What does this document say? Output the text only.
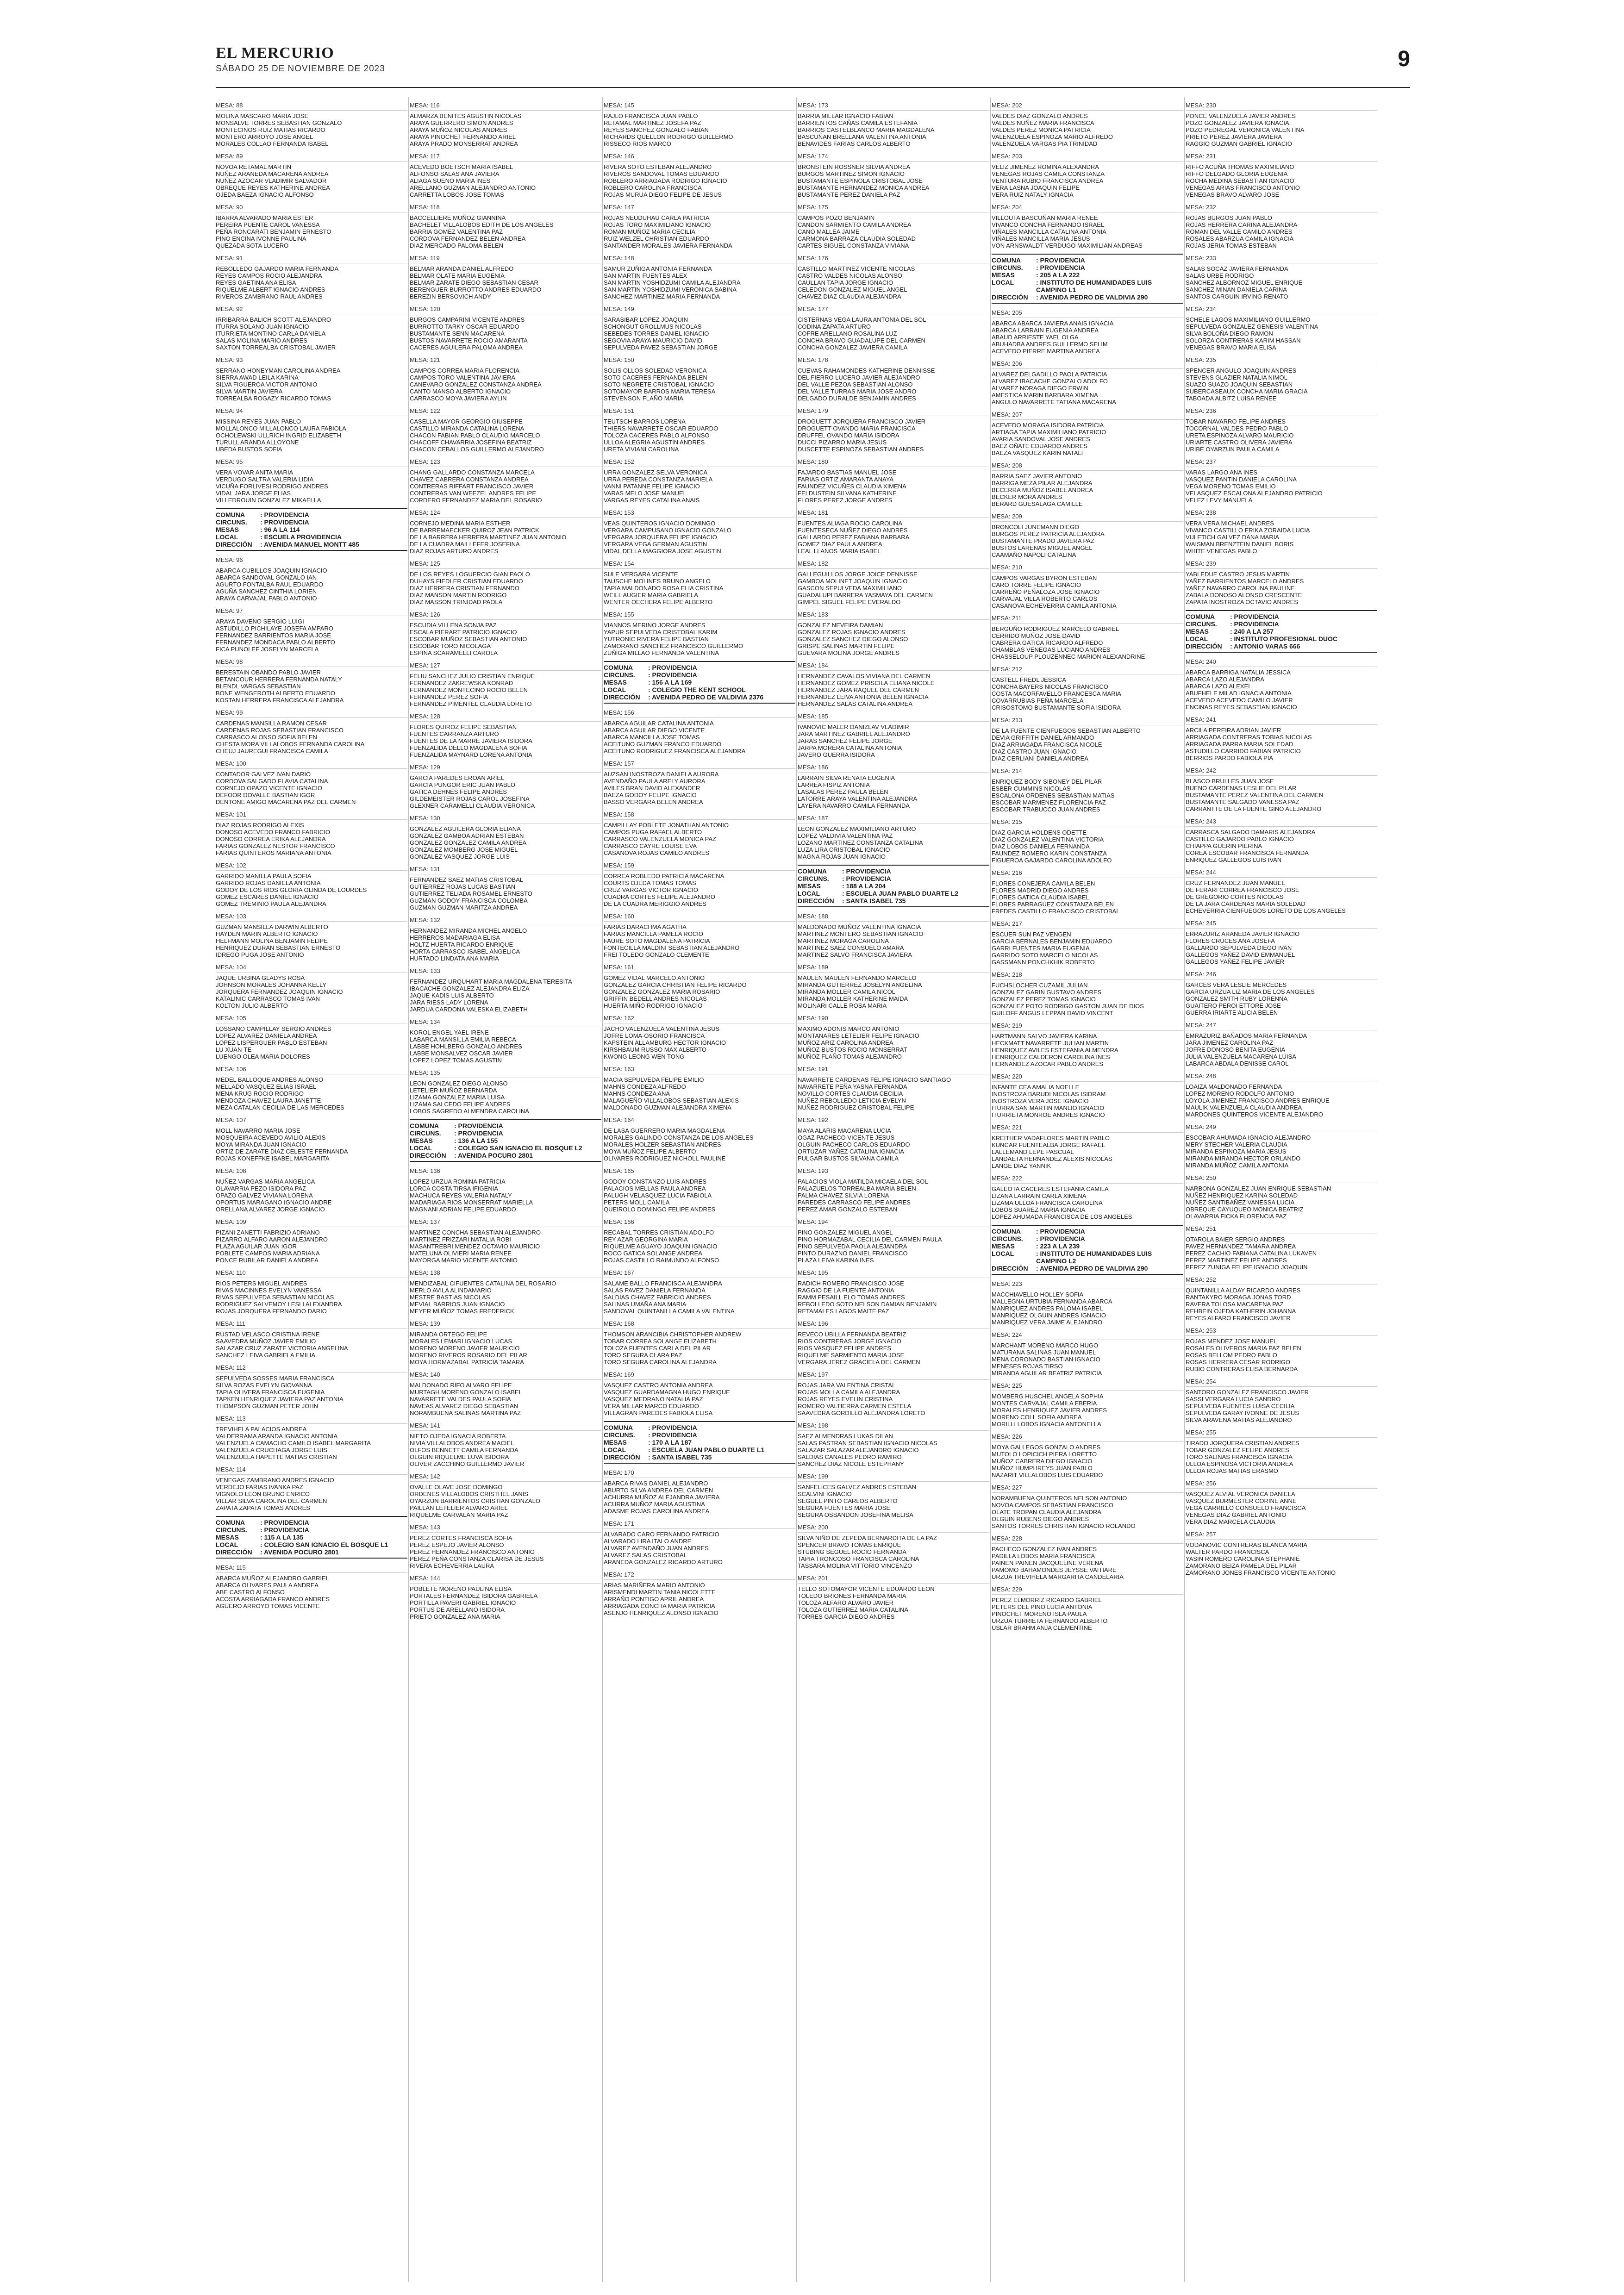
EL MERCURIO
SÁBADO 25 DE NOVIEMBRE DE 2023	9
MESA: 88
MOLINA MASCARO MARIA JOSE
MONSALVE TORRES SEBASTIAN GONZALO
MONTECINOS RUIZ MATIAS RICARDO
MONTERO ARROYO JOSE ANGEL
MORALES COLLAO FERNANDA ISABEL
MESA: 89
NOVOA RETAMAL MARTIN
NUÑEZ ARANEDA MACARENA ANDREA
NUÑEZ AZOCAR VLADIMIR SALVADOR
OBREQUE REYES KATHERINE ANDREA
OJEDA BAEZA IGNACIO ALFONSO
MESA: 90
IBARRA ALVARADO MARIA ESTER
PEREIRA PUENTE CAROL VANESSA
PEÑA RONCARATI BENJAMIN ERNESTO
PINO ENCINA IVONNE PAULINA
QUEZADA SOTA LUCERO
MESA: 91
REBOLLEDO GAJARDO MARIA FERNANDA
REYES CAMPOS ROCIO ALEJANDRA
REYES GAETINA ANA ELISA
RIQUELME ALBERT IGNACIO ANDRES
RIVEROS ZAMBRANO RAUL ANDRES
MESA: 92
IRRIBARRA BALICH SCOTT ALEJANDRO
ITURRA SOLANO JUAN IGNACIO
ITURRIETA MONTINO CARLA DANIELA
SALAS MOLINA MARIO ANDRES
SAXTON TORREALBA CRISTOBAL JAVIER
MESA: 93
SERRANO HONEYMAN CAROLINA ANDREA
SIERRA AWAD LEILA KARINA
SILVA FIGUEROA VICTOR ANTONIO
SILVA MARTIN JAVIERA
TORREALBA ROGAZY RICARDO TOMAS
MESA: 94
MISSINA REYES JUAN PABLO
MOLLALONCO MILLALONCO LAURA FABIOLA
OCHOLEWSKI ULLRICH INGRID ELIZABETH
TURULL ARANDA ALLOYONE
UBEDA BUSTOS SOFIA
MESA: 95
VERA VOVAR ANITA MARIA
VERDUGO SALTRA VALERIA LIDIA
VICUÑA FORLIVESI RODRIGO ANDRES
VIDAL JARA JORGE ELIAS
VILLEDROUIN GONZALEZ MIKAELLA
COMUNA	: PROVIDENCIA
CIRCUNS.	: PROVIDENCIA
MESAS	: 96 A LA 114
LOCAL	: ESCUELA PROVIDENCIA
DIRECCIÓN	: AVENIDA MANUEL MONTT 485
MESA: 96
ABARCA CUBILLOS JOAQUIN IGNACIO
ABARCA SANDOVAL GONZALO IAN
AGURTO FONTALBA RAUL EDUARDO
AGUÑA SANCHEZ CINTHIA LORIEN
ARAYA CARVAJAL PABLO ANTONIO
MESA: 97
ARAYA DAVENO SERGIO LUIGI
ASTUDILLO PICHILAYE JOSEFA AMPARO
FERNANDEZ BARRIENTOS MARIA JOSE
FERNANDEZ MONDACA PABLO ALBERTO
FICA PUNOLEF JOSELYN MARCELA
MESA: 98
BERESTAIN OBANDO PABLO JAVIER
BETANCOUR HERRERA FERNANDA NATALY
BLENDL VARGAS SEBASTIAN
BONE WENGEROTH ALBERTO EDUARDO
KOSTAN HERRERA FRANCISCA ALEJANDRA
MESA: 99
CARDENAS MANSILLA RAMON CESAR
CARDENAS ROJAS SEBASTIAN FRANCISCO
CARRASCO ALONSO SOFIA BELEN
CHESTA MORA VILLALOBOS FERNANDA CAROLINA
CHEUJ JAUREGUI FRANCISCA CAMILA
MESA: 100
CONTADOR GALVEZ IVAN DARIO
CORDOVA SALGADO FLAVIA CATALINA
CORNEJO OPAZO VICENTE IGNACIO
DEFOOR DOVALLE BASTIAN IGOR
DENTONE AMIGO MACARENA PAZ DEL CARMEN
MESA: 101
DIAZ ROJAS RODRIGO ALEXIS
DONOSO ACEVEDO FRANCO FABRICIO
DONOSO CORREA ERIKA ALEJANDRA
FARIAS GONZALEZ NESTOR FRANCISCO
FARIAS QUINTEROS MARIANA ANTONIA
MESA: 102
GARRIDO MANILLA PAULA SOFIA
GARRIDO ROJAS DANIELA ANTONIA
GODOY DE LOS RIOS GLORIA OLINDA DE LOURDES
GOMEZ ESCARES DANIEL IGNACIO
GOMEZ TREMINIO PAULA ALEJANDRA
MESA: 103
GUZMAN MANSILLA DARWIN ALBERTO
HAYDEN MARIN ALBERTO IGNACIO
HELFMANN MOLINA BENJAMIN FELIPE
HENRIQUEZ DURAN SEBASTIAN ERNESTO
IDREGO PUGA JOSE ANTONIO
MESA: 104
JAQUE URBINA GLADYS ROSA
JOHNSON MORALES JOHANNA KELLY
JORQUERA FERNANDEZ JOAQUIN IGNACIO
KATALINIC CARRASCO TOMAS IVAN
KOLTON JULIO ALBERTO
MESA: 105
LOSSANO CAMPILLAY SERGIO ANDRES
LOPEZ ALVAREZ DANIELA ANDREA
LOPEZ LISPERGUER PABLO ESTEBAN
LU XUAN-TE
LUENGO OLEA MARIA DOLORES
MESA: 106
MEDEL BALLOQUE ANDRES ALONSO
MELLADO VASQUEZ ELIAS ISRAEL
MENA KRUG ROCIO RODRIGO
MENDOZA CHAVEZ LAURA JANETTE
MEZA CATALAN CECILIA DE LAS MERCEDES
MESA: 107
MOLL NAVARRO MARIA JOSE
MOSQUEIRA ACEVEDO AVILIO ALEXIS
MOYA MIRANDA JUAN IGNACIO
ORTIZ DE ZARATE DIAZ CELESTE FERNANDA
ROJAS KONEFFKE ISABEL MARGARITA
MESA: 108
NUÑEZ VARGAS MARIA ANGELICA
OLAVARRIA PEZO ISIDORA PAZ
OPAZO GALVEZ VIVIANA LORENA
OPORTUS MARAGANO IGNACIO ANDRE
ORELLANA ALVAREZ JORGE IGNACIO
MESA: 109
PIZANI ZANETTI FABRIZIO ADRIANO
PIZARRO ALFARO AARON ALEJANDRO
PLAZA AGUILAR JUAN IGOR
POBLETE CAMPOS MARIA ADRIANA
PONCE RUBILAR DANIELA ANDREA
MESA: 110
RIOS PETERS MIGUEL ANDRES
RIVAS MACINNES EVELYN VANESSA
RIVAS SEPULVEDA SEBASTIAN NICOLAS
RODRIGUEZ SALVEMOY LESLI ALEXANDRA
ROJAS JORQUERA FERNANDO DARIO
MESA: 111
RUSTAD VELASCO CRISTINA IRENE
SAAVEDRA MUÑOZ JAVIER EMILIO
SALAZAR CRUZ ZARATE VICTORIA ANGELINA
SANCHEZ LEIVA GABRIELA EMILIA
MESA: 112
SEPULVEDA SOSSES MARIA FRANCISCA
SILVA ROZAS EVELYN GIOVANNA
TAPIA OLIVERA FRANCISCA EUGENIA
TAPKEN HENRIQUEZ JAVIERA PAZ ANTONIA
THOMPSON GUZMAN PETER JOHN
MESA: 113
TREVIHELA PALACIOS ANDREA
VALDERRAMA ARANDA IGNACIO ANTONIA
VALENZUELA CAMACHO CAMILO ISABEL MARGARITA
VALENZUELA CRUCHAGA JORGE LUIS
VALENZUELA HAPETTE MATIAS CRISTIAN
MESA: 114
VENEGAS ZAMBRANO ANDRES IGNACIO
VERDEJO FARIAS IVANKA PAZ
VIGNOLO LEON BRUNO ENRICO
VILLAR SILVA CAROLINA DEL CARMEN
ZAPATA ZAPATA TOMAS ANDRES
COMUNA	: PROVIDENCIA
CIRCUNS.	: PROVIDENCIA
MESAS	: 115 A LA 135
LOCAL	: COLEGIO SAN IGNACIO EL BOSQUE L1
DIRECCIÓN	: AVENIDA POCURO 2801
MESA: 115
ABARCA MUÑOZ ALEJANDRO GABRIEL
ABARCA OLIVARES PAULA ANDREA
ABE CASTRO ALFONSO
ACOSTA ARRIAGADA FRANCO ANDRES
AGÜERO ARROYO TOMAS VICENTE
MESA: 116
ALMARZA BENITES AGUSTIN NICOLAS
ARAYA GUERRERO SIMON ANDRES
ARAYA MUÑOZ NICOLAS ANDRES
ARAYA PINOCHET FERNANDO ARIEL
ARAYA PRADO MONSERRAT ANDREA
MESA: 117
ACEVEDO BOETSCH MARIA ISABEL
ALFONSO SALAS ANA JAVIERA
ALIAGA SUENO MARIA INES
ARELLANO GUZMAN ALEJANDRO ANTONIO
CARRETTA LOBOS JOSE TOMAS
MESA: 118
BACCELLIERE MUÑOZ GIANNINA
BACHELET VILLALOBOS EDITH DE LOS ANGELES
BARRIA GOMEZ VALENTINA PAZ
CORDOVA FERNANDEZ BELEN ANDREA
DIAZ MERCADO PALOMA BELEN
MESA: 119
BELMAR ARANDA DANIEL ALFREDO
BELMAR OLATE MARIA EUGENIA
BELMAR ZARATE DIEGO SEBASTIAN CESAR
BERENGUER BURROTTO ANDRES EDUARDO
BEREZIN BERSOVICH ANDY
MESA: 120
BURGOS CAMPARINI VICENTE ANDRES
BURROTTO TARKY OSCAR EDUARDO
BUSTAMANTE SENN MACARENA
BUSTOS NAVARRETE ROCIO AMARANTA
CACERES AGUILERA PALOMA ANDREA
MESA: 121
CAMPOS CORREA MARIA FLORENCIA
CAMPOS TORO VALENTINA JAVIERA
CANEVARO GONZALEZ CONSTANZA ANDREA
CANTO MANSO ALBERTO IGNACIO
CARRASCO MOYA JAVIERA AYLIN
MESA: 122
CASELLA MAYOR GEORGIO GIUSEPPE
CASTILLO MIRANDA CATALINA LORENA
CHACON FABIAN PABLO CLAUDIO MARCELO
CHACOFF CHAVARRIA JOSEFINA BEATRIZ
CHACON CEBALLOS GUILLERMO ALEJANDRO
MESA: 123
CHANG GALLARDO CONSTANZA MARCELA
CHAVEZ CABRERA CONSTANZA ANDREA
CONTRERAS RIFFART FRANCISCO JAVIER
CONTRERAS VAN WEEZEL ANDRES FELIPE
CORDERO FERNANDEZ MARIA DEL ROSARIO
MESA: 124
CORNEJO MEDINA MARIA ESTHER
DE BARREMAECKER QUIROZ JEAN PATRICK
DE LA BARRERA HERRERA MARTINEZ JUAN ANTONIO
DE LA CUADRA MAILLEFER JOSEFINA
DIAZ ROJAS ARTURO ANDRES
MESA: 125
DE LOS REYES LOGUERCIO GIAN PAOLO
DUHAYS FIEDLER CRISTIAN EDUARDO
DIAZ HERRERA CRISTIAN FERNANDO
DIAZ MANSON MARTIN RODRIGO
DIAZ MASSON TRINIDAD PAOLA
MESA: 126
ESCUDIA VILLENA SONJA PAZ
ESCALA PIERART PATRICIO IGNACIO
ESCOBAR MUÑOZ SEBASTIAN ANTONIO
ESCOBAR TORO NICOLAGA
ESPINA SCARAMELLI CAROLA
MESA: 127
FELIU SANCHEZ JULIO CRISTIAN ENRIQUE
FERNANDEZ ZAKREWSKA KONRAD
FERNANDEZ MONTECINO ROCIO BELEN
FERNANDEZ PEREZ SOFIA
FERNANDEZ PIMENTEL CLAUDIA LORETO
MESA: 128
FLORES QUIROZ FELIPE SEBASTIAN
FUENTES CARRANZA ARTURO
FUENTES DE LA MARRE JAVIERA ISIDORA
FUENZALIDA DELLO MAGDALENA SOFIA
FUENZALIDA MAYNARD LORENA ANTONIA
MESA: 129
GARCIA PAREDES EROAN ARIEL
GARCIA PUNGOR ERIC JUAN PABLO
GATICA DEHNES FELIPE ANDRES
GILDEMEISTER ROJAS CAROL JOSEFINA
GLEXNER CARAMELLI CLAUDIA VERONICA
MESA: 130
GONZALEZ AGUILERA GLORIA ELIANA
GONZALEZ GAMBOA ADRIAN ESTEBAN
GONZALEZ GONZALEZ CAMILA ANDREA
GONZALEZ MOMBERG JOSE MIGUEL
GONZALEZ VASQUEZ JORGE LUIS
MESA: 131
FERNANDEZ SAEZ MATIAS CRISTOBAL
GUTIERREZ ROJAS LUCAS BASTIAN
GUTIERREZ TELIADA ROSAMEL ERNESTO
GUZMAN GODOY FRANCISCA COLOMBA
GUZMAN GUZMAN MARITZA ANDREA
MESA: 132
HERNANDEZ MIRANDA MICHEL ANGELO
HERREROS MADARIAGA ELISA
HOLTZ HUERTA RICARDO ENRIQUE
HORTA CARRASCO ISABEL ANGELICA
HURTADO LINDATA ANA MARIA
MESA: 133
FERNANDEZ URQUHART MARIA MAGDALENA TERESITA
IBACACHE GONZALEZ ALEJANDRA ELIZA
JAQUE KADIS LUIS ALBERTO
JARA RIESS LADY LORENA
JARDUA CARDONA VALESKA ELIZABETH
MESA: 134
KOROL ENGEL YAEL IRENE
LABARCA MANSILLA EMILIA REBECA
LABBE HOHLBERG GONZALO ANDRES
LABBE MONSALVEZ OSCAR JAVIER
LOPEZ LOPEZ TOMAS AGUSTIN
MESA: 135
LEON GONZALEZ DIEGO ALONSO
LETELIER MUÑOZ BERNARDA
LIZAMA GONZALEZ MARIA LUISA
LIZAMA SALCEDO FELIPE ANDRES
LOBOS SAGREDO ALMENDRA CAROLINA
COMUNA	: PROVIDENCIA
CIRCUNS.	: PROVIDENCIA
MESAS	: 136 A LA 155
LOCAL	: COLEGIO SAN IGNACIO EL BOSQUE L2
DIRECCIÓN	: AVENIDA POCURO 2801
MESA: 136
LOPEZ URZUA ROMINA PATRICIA
LORCA COSTA TIRSA IFIGENIA
MACHUCA REYES VALERIA NATALY
MADARIAGA RIOS MONSERRAT MARIELLA
MAGNANI ADRIAN FELIPE EDUARDO
MESA: 137
MARTINEZ CONCHA SEBASTIAN ALEJANDRO
MARTINEZ FRIZZARI NATALIA ROBI
MASANTREBRI MENDEZ OCTAVIO MAURICIO
MATELUNA OLIVIERI MARIA RENEE
MAYORGA MARIO VICENTE ANTONIO
MESA: 138
MENDIZABAL CIFUENTES CATALINA DEL ROSARIO
MERLO AVILA ALINDAMARIO
MESTRE BASTIAS NICOLAS
MEVIAL BARRIOS JUAN IGNACIO
MEYER MUÑOZ TOMAS FREDERICK
MESA: 139
MIRANDA ORTEGO FELIPE
MORALES LEMARI IGNACIO LUCAS
MORENO MORENO JAVIER MAURICIO
MORENO RIVEROS ROSARIO DEL PILAR
MOYA HORMAZABAL PATRICIA TAMARA
MESA: 140
MALDONADO RIFO ALVARO FELIPE
MURTAGH MORENO GONZALO ISABEL
NAVARRETE VALDES PAULA SOFIA
NAVEAS ALVAREZ DIEGO SEBASTIAN
NORAMBUENA SALINAS MARTINA PAZ
MESA: 141
NIETO OJEDA IGNACIA ROBERTA
NIVIA VILLALOBOS ANDREA MACIEL
OLFOS BENNETT CAMILA FERNANDA
OLGUIN RIQUELME LUVA ISIDORA
OLIVER ZACCHINO GUILLERMO JAVIER
MESA: 142
OVALLE OLAVE JOSE DOMINGO
ORDENES VILLALOBOS CRISTHEL JANIS
OYARZUN BARRIENTOS CRISTIAN GONZALO
PAILLAN LETELIER ALVARO ARIEL
RIQUELME CARVALAN MARIA PAZ
MESA: 143
PEREZ CORTES FRANCISCA SOFIA
PEREZ ESPEJO JAVIER ALONSO
PEREZ HERNANDEZ FRANCISCO ANTONIO
PEREZ PEÑA CONSTANZA CLARISA DE JESUS
RIVERA ECHEVERRIA LAURA
MESA: 144
POBLETE MORENO PAULINA ELISA
PORTALES FERNANDEZ ISIDORA GABRIELA
PORTILLA PAVERI GABRIEL IGNACIO
PORTUS DE ARELLANO ISIDORA
PRIETO GONZALEZ ANA MARIA
MESA: 145
RAJLO FRANCISCA JUAN PABLO
RETAMAL MARTINEZ JOSEFA PAZ
REYES SANCHEZ GONZALO FABIAN
RICHARDS QUELLON RODRIGO GUILLERMO
RISSECO RIOS MARCO
MESA: 146
RIVERA SOTO ESTEBAN ALEJANDRO
RIVEROS SANDOVAL TOMAS EDUARDO
ROBLERO ARRIAGADA RODRIGO IGNACIO
ROBLERO CAROLINA FRANCISCA
ROJAS MURUA DIEGO FELIPE DE JESUS
MESA: 147
ROJAS NEUDUHAU CARLA PATRICIA
ROJAS TORO MAXIMILIANO IGNACIO
ROMAN MUÑOZ MARIA CECILIA
RUIZ WELZEL CHRISTIAN EDUARDO
SANTANDER MORALES JAVIERA FERNANDA
MESA: 148
SAMUR ZUÑIGA ANTONIA FERNANDA
SAN MARTIN FUENTES ALEX
SAN MARTIN YOSHIDZUMI CAMILA ALEJANDRA
SAN MARTIN YOSHIDZUMI VERONICA SABINA
SANCHEZ MARTINEZ MARIA FERNANDA
MESA: 149
SARASIBAR LOPEZ JOAQUIN
SCHONGUT GROLLMUS NICOLAS
SEBEDES TORRES DANIEL IGNACIO
SEGOVIA ARAYA MAURICIO DAVID
SEPULVEDA PAVEZ SEBASTIAN JORGE
MESA: 150
SOLIS OLLOS SOLEDAD VERONICA
SOTO CACERES FERNANDA BELEN
SOTO NEGRETE CRISTOBAL IGNACIO
SOTOMAYOR BARROS MARIA TERESA
STEVENSON FLAÑO MARIA
MESA: 151
TEUTSCH BARROS LORENA
THIERS NAVARRETE OSCAR EDUARDO
TOLOZA CACERES PABLO ALFONSO
ULLOA ALEGRIA AGUSTIN ANDRES
URETA VIVIANI CAROLINA
MESA: 152
URRA GONZALEZ SELVA VERONICA
URRA PEREDA CONSTANZA MARIELA
VANNI PATANNE FELIPE IGNACIO
VARAS MELO JOSE MANUEL
VARGAS REYES CATALINA ANAIS
MESA: 153
VEAS QUINTEROS IGNACIO DOMINGO
VERGARA CAMPUSANO IGNACIO GONZALO
VERGARA JORQUERA FELIPE IGNACIO
VERGARA VEGA GERMAN AGUSTIN
VIDAL DELLA MAGGIORA JOSE AGUSTIN
MESA: 154
SULE VERGARA VICENTE
TAUSCHE MOLINES BRUNO ANGELO
TAPIA MALDONADO ROSA ELIA CRISTINA
WEILL AUGIER MARIA GABRIELA
WENTER OECHERA FELIPE ALBERTO
MESA: 155
VIANNOS MERINO JORGE ANDRES
YAPUR SEPULVEDA CRISTOBAL KARIM
YUTRONIC RIVERA FELIPE BASTIAN
ZAMORANO SANCHEZ FRANCISCO GUILLERMO
ZUÑIGA MILLAO FERNANDA VALENTINA
COMUNA	: PROVIDENCIA
CIRCUNS.	: PROVIDENCIA
MESAS	: 156 A LA 169
LOCAL	: COLEGIO THE KENT SCHOOL
DIRECCIÓN	: AVENIDA PEDRO DE VALDIVIA 2376
MESA: 156
ABARCA AGUILAR CATALINA ANTONIA
ABARCA AGUILAR DIEGO VICENTE
ABARCA MANCILLA JOSE TOMAS
ACEITUNO GUZMAN FRANCO EDUARDO
ACEITUNO RODRIGUEZ FRANCISCA ALEJANDRA
MESA: 157
AUZSAN INOSTROZA DANIELA AURORA
AVENDAÑO PAULA ARELY AURORA
AVILES BRAN DAVID ALEXANDER
BAEZA GODOY FELIPE IGNACIO
BASSO VERGARA BELEN ANDREA
MESA: 158
CAMPILLAY POBLETE JONATHAN ANTONIO
CAMPOS PUGA RAFAEL ALBERTO
CARRASCO VALENZUELA MONICA PAZ
CARRASCO CAYRE LOUISE EVA
CASANOVA ROJAS CAMILO ANDRES
MESA: 159
CORREA ROBLEDO PATRICIA MACARENA
COURTS OJEDA TOMAS TOMAS
CRUZ VARGAS VICTOR IGNACIO
CUADRA CORTES FELIPE ALEJANDRO
DE LA CUADRA MERIGGIO ANDRES
MESA: 160
FARIAS DARACHMA AGATHA
FARIAS MANCILLA PAMELA ROCIO
FAURE SOTO MAGDALENA PATRICIA
FONTECILLA MALDINI SEBASTIAN ALEJANDRO
FREI TOLEDO GONZALO CLEMENTE
MESA: 161
GOMEZ VIDAL MARCELO ANTONIO
GONZALEZ GARCIA CHRISTIAN FELIPE RICARDO
GONZALEZ GONZALEZ MARIA ROSARIO
GRIFFIN BEDELL ANDRES NICOLAS
HUERTA MIÑO RODRIGO IGNACIO
MESA: 162
JACHO VALENZUELA VALENTINA JESUS
JOFRE LOMA-OSORIO FRANCISCA
KAPSTEIN ALLAMBURG HECTOR IGNACIO
KIRSHBAUM RUSSO MAX ALBERTO
KWONG LEONG WEN TONG
MESA: 163
MACIA SEPULVEDA FELIPE EMILIO
MAHNS CONDEZA ALFREDO
MAHNS CONDEZA ANA
MALAGUEÑO VILLALOBOS SEBASTIAN ALEXIS
MALDONADO GUZMAN ALEJANDRA XIMENA
MESA: 164
DE LASA GUERRERO MARIA MAGDALENA
MORALES GALINDO CONSTANZA DE LOS ANGELES
MORALES HOLZER SEBASTIAN ANDRES
MOYA MUÑOZ FELIPE ALBERTO
OLIVARES RODRIGUEZ NICHOLL PAULINE
MESA: 165
GODOY CONSTANZO LUIS ANDRES
PALACIOS MELLAS PAULA ANDREA
PALUGH VELASQUEZ LUCIA FABIOLA
PETERS MOLL CAMILA
QUEIROLO DOMINGO FELIPE ANDRES
MESA: 166
RECABAL TORRES CRISTIAN ADOLFO
REY AZAR GEORGINA MARIA
RIQUELME AGUAYO JOAQUIN IGNACIO
ROCO GATICA SOLANGE ANDREA
ROJAS CASTILLO RAIMUNDO ALFONSO
MESA: 167
SALAME BALLO FRANCISCA ALEJANDRA
SALAS PAVEZ DANIELA FERNANDA
SALDIAS CHAVEZ FABRICIO ANDRES
SALINAS UMAÑA ANA MARIA
SANDOVAL QUINTANILLA CAMILA VALENTINA
MESA: 168
THOMSON ARANCIBIA CHRISTOPHER ANDREW
TOBAR CORREA SOLANGE ELIZABETH
TOLOZA FUENTES CARLA DEL PILAR
TORO SEGURA CLARA PAZ
TORO SEGURA CAROLINA ALEJANDRA
MESA: 169
VASQUEZ CASTRO ANTONIA ANDREA
VASQUEZ GUARDAMAGNA HUGO ENRIQUE
VASQUEZ MEDRANO NATALIA PAZ
VERA MILLAR MARCO EDUARDO
VILLAGRAN PAREDES FABIOLA ELISA
COMUNA	: PROVIDENCIA
CIRCUNS.	: PROVIDENCIA
MESAS	: 170 A LA 187
LOCAL	: ESCUELA JUAN PABLO DUARTE L1
DIRECCIÓN	: SANTA ISABEL 735
MESA: 170
ABARCA RIVAS DANIEL ALEJANDRO
ABURTO SILVA ANDREA DEL CARMEN
ACHURRA MUÑOZ ALEJANDRA JAVIERA
ACURRA MUÑOZ MARIA AGUSTINA
ADASME ROJAS CAROLINA ANDREA
MESA: 171
ALVARADO CARO FERNANDO PATRICIO
ALVARADO LIRA ITALO ANDRE
ALVAREZ AVENDAÑO JUAN ANDRES
ALVAREZ SALAS CRISTOBAL
ARANEDA GONZALEZ RICARDO ARTURO
MESA: 172
ARIAS MARIÑERA MARIO ANTONIO
ARISMENDI MARTIN TANIA NICOLETTE
ARRAÑO PONTIGO APRIL ANDREA
ARRIAGADA CONCHA MARIA PATRICIA
ASENJO HENRIQUEZ ALONSO IGNACIO
MESA: 173
BARRIA MILLAR IGNACIO FABIAN
BARRIENTOS CAÑAS CAMILA ESTEFANIA
BARRIOS CASTELBLANCO MARIA MAGDALENA
BASCUÑAN BRELLANA VALENTINA ANTONIA
BENAVIDES FARIAS CARLOS ALBERTO
MESA: 174
BRONSTEIN ROSSNER SILVIA ANDREA
BURGOS MARTINEZ SIMON IGNACIO
BUSTAMANTE ESPINOLA CRISTOBAL JOSE
BUSTAMANTE HERNANDEZ MONICA ANDREA
BUSTAMANTE PEREZ DANIELA PAZ
MESA: 175
CAMPOS POZO BENJAMIN
CANDON SARMIENTO CAMILA ANDREA
CANO MALLEA JAIME
CARMONA BARRAZA CLAUDIA SOLEDAD
CARTES SIGUEL CONSTANZA VIVIANA
MESA: 176
CASTILLO MARTINEZ VICENTE NICOLAS
CASTRO VALDES NICOLAS ALONSO
CAULLAN TAPIA JORGE IGNACIO
CELEDON GONZALEZ MIGUEL ANGEL
CHAVEZ DIAZ CLAUDIA ALEJANDRA
MESA: 177
CISTERNAS VEGA LAURA ANTONIA DEL SOL
CODINA ZAPATA ARTURO
COFRE ARELLANO ROSALINA LUZ
CONCHA BRAVO GUADALUPE DEL CARMEN
CONCHA GONZALEZ JAVIERA CAMILA
MESA: 178
CUEVAS RAHAMONDES KATHERINE DENNISSE
DEL FIERRO LUCERO JAVIER ALEJANDRO
DEL VALLE PEZOA SEBASTIAN ALONSO
DEL VALLE TURRAS MARIA JOSE ANDRO
DELGADO DURALDE BENJAMIN ANDRES
MESA: 179
DROGUETT JORQUERA FRANCISCO JAVIER
DROGUETT OVANDO MARIA FRANCISCA
DRUFFEL OVANDO MARIA ISIDORA
DUCCI PIZARRO MARIA JESUS
DUSCETTE ESPINOZA SEBASTIAN ANDRES
MESA: 180
FAJARDO BASTIAS MANUEL JOSE
FARIAS ORTIZ AMARANTA ANAYA
FAUNDEZ VICUÑES CLAUDIA XIMENA
FELDUSTEIN SILVANA KATHERINE
FLORES PEREZ JORGE ANDRES
MESA: 181
FUENTES ALIAGA ROCIO CAROLINA
FUENTESECA NUÑEZ DIEGO ANDRES
GALLARDO PEREZ FABIANA BARBARA
GOMEZ DIAZ PAULA ANDREA
LEAL LLANOS MARIA ISABEL
MESA: 182
GALLEGUILLOS JORGE JOICE DENNISSE
GAMBOA MOLINET JOAQUIN IGNACIO
GASCON SEPULVEDA MAXIMILIANO
GUADALUPI BARRERA YASMAYA DEL CARMEN
GIMPEL SIGUEL FELIPE EVERALDO
MESA: 183
GONZALEZ NEVEIRA DAMIAN
GONZALEZ ROJAS IGNACIO ANDRES
GONZALEZ SANCHEZ DIEGO ALONSO
GRISPE SALINAS MARTIN FELIPE
GUEVARA MOLINA JORGE ANDRES
MESA: 184
HERNANDEZ CAVALOS VIVIANA DEL CARMEN
HERNANDEZ GOMEZ PRISCILA ELIANA NICOLE
HERNANDEZ JARA RAQUEL DEL CARMEN
HERNANDEZ LEIVA ANTONIA BELEN IGNACIA
HERNANDEZ SALAS CATALINA ANDREA
MESA: 185
IVANOVIC MALER DANIZLAV VLADIMIR
JARA MARTINEZ GABRIEL ALEJANDRO
JARAS SANCHEZ FELIPE JORGE
JARPA MORERA CATALINA ANTONIA
JAVERO GUERRA ISIDORA
MESA: 186
LARRAIN SILVA RENATA EUGENIA
LARREA FISPIZ ANTONIA
LASALAS PEREZ PAULA BELEN
LATORRE ARAYA VALENTINA ALEJANDRA
LAYERA NAVARRO CAMILA FERNANDA
MESA: 187
LEON GONZALEZ MAXIMILIANO ARTURO
LOPEZ VALDIVIA VALENTINA PAZ
LOZANO MARTINEZ CONSTANZA CATALINA
LUZA LIRA CRISTOBAL IGNACIO
MAGNA ROJAS JUAN IGNACIO
COMUNA	: PROVIDENCIA
CIRCUNS.	: PROVIDENCIA
MESAS	: 188 A LA 204
LOCAL	: ESCUELA JUAN PABLO DUARTE L2
DIRECCIÓN	: SANTA ISABEL 735
MESA: 188
MALDONADO MUÑOZ VALENTINA IGNACIA
MARTINEZ MONTERO SEBASTIAN IGNACIO
MARTINEZ MORAGA CAROLINA
MARTINEZ SAEZ CONSUELO AMARA
MARTINEZ SALVO FRANCISCA JAVIERA
MESA: 189
MAULEN MAULEN FERNANDO MARCELO
MIRANDA GUTIERREZ JOSELYN ANGELINA
MIRANDA MOLLER CAMILA NICOL
MIRANDA MOLLER KATHERINE MAIDA
MOLINARI CALLE ROSA MARIA
MESA: 190
MAXIMO ADONIS MARCO ANTONIO
MONTANARES LETELIER FELIPE IGNACIO
MUÑOZ ARIZ CAROLINA ANDREA
MUÑOZ BUSTOS ROCIO MONSERRAT
MUÑOZ FLAÑO TOMAS ALEJANDRO
MESA: 191
NAVARRETE CARDENAS FELIPE IGNACIO SANTIAGO
NAVARRETE PEÑA YASNA FERNANDA
NOVILLO CORTES CLAUDIA CECILIA
NUÑEZ REBOLLEDO LETICIA EVELYN
NUÑEZ RODRIGUEZ CRISTOBAL FELIPE
MESA: 192
MAYA ALARIS MACARENA LUCIA
OGAZ PACHECO VICENTE JESUS
OLGUIN PACHECO CARLOS EDUARDO
ORTUZAR YAÑEZ CATALINA IGNACIA
PULGAR BUSTOS SILVANA CAMILA
MESA: 193
PALACIOS VIOLA MATILDA MICAELA DEL SOL
PALAZUELOS TORREALBA MARIA BELEN
PALMA CHAVEZ SILVIA LORENA
PAREDES CARRASCO FELIPE ANDRES
PEREZ AMAR GONZALO ESTEBAN
MESA: 194
PINO GONZALEZ MIGUEL ANGEL
PINO HORMAZABAL CECILIA DEL CARMEN PAULA
PINO SEPULVEDA PAOLA ALEJANDRA
PINTO DURAZNO DANIEL FRANCISCO
PLAZA LEIVA KARINA INES
MESA: 195
RADICH ROMERO FRANCISCO JOSE
RAGGIO DE LA FUENTE ANTONIA
RAMM PESAILL ELO TOMAS ANDRES
REBOLLEDO SOTO NELSON DAMIAN BENJAMIN
RETAMALES LAGOS MAITE PAZ
MESA: 196
REVECO UBILLA FERNANDA BEATRIZ
RIOS CONTRERAS JORGE IGNACIO
RIOS VASQUEZ FELIPE ANDRES
RIQUELME SARMIENTO MARIA JOSE
VERGARA JEREZ GRACIELA DEL CARMEN
MESA: 197
ROJAS JARA VALENTINA CRISTAL
ROJAS MOLLA CAMILA ALEJANDRA
ROJAS REYES EVELIN CRISTINA
ROMERO VALTIERRA CARMEN ESTELA
SAAVEDRA GORDILLO ALEJANDRA LORETO
MESA: 198
SAEZ ALMENDRAS LUKAS DILAN
SALAS PASTRAN SEBASTIAN IGNACIO NICOLAS
SALAZAR SALAZAR ALEJANDRO IGNACIO
SALDIAS CANALES PEDRO RAMIRO
SANCHEZ DIAZ NICOLE ESTEPHANY
MESA: 199
SANFELICES GALVEZ ANDRES ESTEBAN
SCALVINI IGNACIO
SEGUEL PINTO CARLOS ALBERTO
SEGURA FUENTES MARIA JOSE
SEGURA OSSANDON JOSEFINA MELISA
MESA: 200
SILVA NIÑO DE ZEPEDA BERNARDITA DE LA PAZ
SPENCER BRAVO TOMAS ENRIQUE
STUBING SEGUEL ROCIO FERNANDA
TAPIA TRONCOSO FRANCISCA CAROLINA
TASSARA MOLINA VITTORIO VINCENZO
MESA: 201
TELLO SOTOMAYOR VICENTE EDUARDO LEON
TOLEDO BRIONES FERNANDA MARIA
TOLOZA ALFARO ALVARO JAVIER
TOLOZA GUTIERREZ MARIA CATALINA
TORRES GARCIA DIEGO ANDRES
MESA: 202
VALDES DIAZ GONZALO ANDRES
VALDES NUÑEZ MARIA FRANCISCA
VALDES PEREZ MONICA PATRICIA
VALENZUELA ESPINOZA MARIO ALFREDO
VALENZUELA VARGAS PIA TRINIDAD
MESA: 203
VELIZ JIMENEZ ROMINA ALEXANDRA
VENEGAS ROJAS CAMILA CONSTANZA
VENTURA RUBIO FRANCISCA ANDREA
VERA LASNA JOAQUIN FELIPE
VERA RUIZ NATALY IGNACIA
MESA: 204
VILLOUTA BASCUÑAN MARIA RENEE
VIVANCO CONCHA FERNANDO ISRAEL
VIÑALES MANCILLA CATALINA ANTONIA
VIÑALES MANCILLA MARIA JESUS
VON ARNSWALDT VERDUGO MAXIMILIAN ANDREAS
COMUNA	: PROVIDENCIA
CIRCUNS.	: PROVIDENCIA
MESAS	: 205 A LA 222
LOCAL	: INSTITUTO DE HUMANIDADES LUIS CAMPINO L1
DIRECCIÓN	: AVENIDA PEDRO DE VALDIVIA 290
MESA: 205
ABARCA ABARCA JAVIERA ANAIS IGNACIA
ABARCA LARRAIN EUGENIA ANDREA
ABAUD ARRIESTE YAEL OLGA
ABUHADBA ANDRES GUILLERMO SELIM
ACEVEDO PIERRE MARTINA ANDREA
MESA: 206
ALVAREZ DELGADILLO PAOLA PATRICIA
ALVAREZ IBACACHE GONZALO ADOLFO
ALVAREZ NORAGA DIEGO ERWIN
AMESTICA MARIN BARBARA XIMENA
ANGULO NAVARRETE TATIANA MACARENA
MESA: 207
ACEVEDO MORAGA ISIDORA PATRICIA
ARTIAGA TAPIA MAXIMILIANO PATRICIO
AVARIA SANDOVAL JOSE ANDRES
BAEZ OÑATE EDUARDO ANDRES
BAEZA VASQUEZ KARIN NATALI
MESA: 208
BARRIA SAEZ JAVIER ANTONIO
BARRIGA MEZA PILAR ALEJANDRA
BECERRA MUÑOZ ISABEL ANDREA
BECKER MORA ANDRES
BERARD GUESALAGA CAMILLE
MESA: 209
BRONCOLI JUNEMANN DIEGO
BURGOS PEREZ PATRICIA ALEJANDRA
BUSTAMANTE PRADO JAVIERA PAZ
BUSTOS LARENAS MIGUEL ANGEL
CAAMAÑO NAPOLI CATALINA
MESA: 210
CAMPOS VARGAS BYRON ESTEBAN
CARO TORRE FELIPE IGNACIO
CARREÑO PEÑALOZA JOSE IGNACIO
CARVAJAL VILLA ROBERTO CARLOS
CASANOVA ECHEVERRIA CAMILA ANTONIA
MESA: 211
BERGUÑO RODRIGUEZ MARCELO GABRIEL
CERRIDO MUÑOZ JOSE DAVID
CABRERA GATICA RICARDO ALFREDO
CHAMBLAS VENEGAS LUCIANO ANDRES
CHASSELOUP PLOUZENNEC MARION ALEXANDRINE
MESA: 212
CASTELL FREDL JESSICA
CONCHA BAYERS NICOLAS FRANCISCO
COSTA MACORFAVELLO FRANCESCA MARIA
COVARRUBIAS PEÑA MARCELA
CRISOSTOMO BUSTAMANTE SOFIA ISIDORA
MESA: 213
DE LA FUENTE CIENFUEGOS SEBASTIAN ALBERTO
DEVIA GRIFFITH DANIEL ARMANDO
DIAZ ARRIAGADA FRANCISCA NICOLE
DIAZ CASTRO JUAN IGNACIO
DIAZ CERLIANI DANIELA ANDREA
MESA: 214
ENRIQUEZ BODY SIBONEY DEL PILAR
ESBER CUMMINS NICOLAS
ESCALONA ORDENES SEBASTIAN MATIAS
ESCOBAR MARMENEZ FLORENCIA PAZ
ESCOBAR TRABUCCO JUAN ANDRES
MESA: 215
DIAZ GARCIA HOLDENS ODETTE
DIAZ GONZALEZ VALENTINA VICTORIA
DIAZ LOBOS DANIELA FERNANDA
FAUNDEZ ROMERO KARIN CONSTANZA
FIGUEROA GAJARDO CAROLINA ADOLFO
MESA: 216
FLORES CONEJERA CAMILA BELEN
FLORES MADRID DIEGO ANDRES
FLORES GATICA CLAUDIA ISABEL
FLORES PARRAGUEZ CONSTANZA BELEN
FREDES CASTILLO FRANCISCO CRISTOBAL
MESA: 217
ESCUER SUN PAZ VENGEN
GARCIA BERNALES BENJAMIN EDUARDO
GARRI FUENTES MARIA EUGENIA
GARRIDO SOTO MARCELO NICOLAS
GASSMANN PONCHKHIK ROBERTO
MESA: 218
FUCHSLOCHER CUZAMIL JULIAN
GONZALEZ GARIN GUSTAVO ANDRES
GONZALEZ PEREZ TOMAS IGNACIO
GONZALEZ POTO RODRIGO GASTON JUAN DE DIOS
GUILOFF ANGUS LEPPAN DAVID VINCENT
MESA: 219
HARTMANN SALVO JAVIERA KARINA
HECKMATT NAVARRETE JULIAN MARTIN
HENRIQUEZ AVILES ESTEFANIA ALMENDRA
HENRIQUEZ CALDERON CAROLINA INES
HERNANDEZ AZOCAR PABLO ANDRES
MESA: 220
INFANTE CEA AMALIA NOELLE
INOSTROZA BARUDI NICOLAS ISIDRAM
INOSTROZA VERA JOSE IGNACIO
ITURRA SAN MARTIN MANLIO IGNACIO
ITURRIETA MONROE ANDRES IGNACIO
MESA: 221
KREITHER VADAFLORES MARTIN PABLO
KUNCAR FUENTEALBA JORGE RAFAEL
LALLEMAND LEPE PASCUAL
LANDAETA HERNANDEZ ALEXIS NICOLAS
LANGE DIAZ YANNIK
MESA: 222
GALEOTA CACERES ESTEFANIA CAMILA
LIZANA LARRAIN CARLA XIMENA
LIZAMA ULLOA FRANCISCA CAROLINA
LOBOS SUAREZ MARIA IGNACIA
LOPEZ AHUMADA FRANCISCA DE LOS ANGELES
COMUNA	: PROVIDENCIA
CIRCUNS.	: PROVIDENCIA
MESAS	: 223 A LA 239
LOCAL	: INSTITUTO DE HUMANIDADES LUIS CAMPINO L2
DIRECCIÓN	: AVENIDA PEDRO DE VALDIVIA 290
MESA: 223
MACCHIAVELLO HOLLEY SOFIA
MALLEGNA URTUBIA FERNANDA ABARCA
MANRIQUEZ ANDRES PALOMA ISABEL
MANRIQUEZ OLGUIN ANDRES IGNACIO
MANRIQUEZ VERA JAIME ALEJANDRO
MESA: 224
MARCHANT MORENO MARCO HUGO
MATURANA SALINAS JUAN MANUEL
MENA CORONADO BASTIAN IGNACIO
MENESES ROJAS TIRSO
MIRANDA AGUILAR BEATRIZ PATRICIA
MESA: 225
MOMBERG HUSCHEL ANGELA SOPHIA
MONTES CARVAJAL CAMILA EBERIA
MORALES HENRIQUEZ JAVIER ANDRES
MORENO COLL SOFIA ANDREA
MORILLI LOBOS IGNACIA ANTONELLA
MESA: 226
MOYA GALLEGOS GONZALO ANDRES
MUTOLO LOPICICH PIERA LORETTO
MUÑOZ CABRERA DIEGO IGNACIO
MUÑOZ HUMPHREYS JUAN PABLO
NAZARIT VILLALOBOS LUIS EDUARDO
MESA: 227
NORAMBUENA QUINTEROS NELSON ANTONIO
NOVOA CAMPOS SEBASTIAN FRANCISCO
OLATE TROPAN CLAUDIA ALEJANDRA
OLGUIN RUBENS DIEGO ANDRES
SANTOS TORRES CHRISTIAN IGNACIO ROLANDO
MESA: 228
PACHECO GONZALEZ IVAN ANDRES
PADILLA LOBOS MARIA FRANCISCA
PAINEN PAINEN JACQUELINE VERENA
PAMOMO BAHAMONDES JEYSSE VAITIARE
URZUA TREVIHELA MARGARITA CANDELARIA
MESA: 229
PEREZ ELMORRIZ RICARDO GABRIEL
PETERS DEL PINO LUCIA ANTONIA
PINOCHET MORENO ISLA PAULA
URZUA TURRIETA FERNANDO ALBERTO
USLAR BRAHM ANJA CLEMENTINE
MESA: 230
PONCE VALENZUELA JAVIER ANDRES
POZO GONZALEZ JAVIERA IGNACIA
POZO PEDREGAL VERONICA VALENTINA
PRIETO PEREZ JAVIERA JAVIERA
RAGGIO GUZMAN GABRIEL IGNACIO
MESA: 231
RIFFO ACUÑA THOMAS MAXIMILIANO
RIFFO DELGADO GLORIA EUGENIA
ROCHA MEDINA SEBASTIAN IGNACIO
VENEGAS ARIAS FRANCISCO ANTONIO
VENEGAS BRAVO ALVARO JOSE
MESA: 232
ROJAS BURGOS JUAN PABLO
ROJAS HERRERA CARINA ALEJANDRA
ROMAN DEL VALLE CAMILO ANDRES
ROSALES ABARZUA CAMILA IGNACIA
ROJAS JERIA TOMAS ESTEBAN
MESA: 233
SALAS SOCAZ JAVIERA FERNANDA
SALAS URBE RODRIGO
SANCHEZ ALBORNOZ MIGUEL ENRIQUE
SANCHEZ MINAN DANIELA CARINA
SANTOS CARGUIN IRVING RENATO
MESA: 234
SCHELE LAGOS MAXIMILIANO GUILLERMO
SEPULVEDA GONZALEZ GENESIS VALENTINA
SILVA BOLOÑA DIEGO RAMON
SOLORZA CONTRERAS KARIM HASSAN
VENEGAS BRAVO MARIA ELISA
MESA: 235
SPENCER ANGULO JOAQUIN ANDRES
STEVENS GLAZIER NATALIA NIMOL
SUAZO SUAZO JOAQUIN SEBASTIAN
SUBERCASEAUX CONCHA MARIA GRACIA
TABOADA ALBITZ LUISA RENEE
MESA: 236
TOBAR NAVARRO FELIPE ANDRES
TOCORNAL VALDES PEDRO PABLO
URETA ESPINOZA ALVARO MAURICIO
URIARTE CASTRO OLIVERA JAVIERA
URIBE OYARZUN PAULA CAMILA
MESA: 237
VARAS LARGO ANA INES
VASQUEZ PANTIN DANIELA CAROLINA
VEGA MORENO TOMAS EMILIO
VELASQUEZ ESCALONA ALEJANDRO PATRICIO
VELEZ LEVY MANUELA
MESA: 238
VERA VERA MICHAEL ANDRES
VIVANCO CASTILLO ERIKA ZORAIDA LUCIA
VULETICH GALVEZ DANA MARIA
WAISMAN BRENZTEIN DANIEL BORIS
WHITE VENEGAS PABLO
MESA: 239
YABLEDUE CASTRO JESUS MARTIN
YAÑEZ BARRIENTOS MARCELO ANDRES
YAÑEZ NAVARRO CAROLINA PAULINE
ZABALA DONOSO ALONSO CRESCENTE
ZAPATA INOSTROZA OCTAVIO ANDRES
COMUNA	: PROVIDENCIA
CIRCUNS.	: PROVIDENCIA
MESAS	: 240 A LA 257
LOCAL	: INSTITUTO PROFESIONAL DUOC
DIRECCIÓN	: ANTONIO VARAS 666
MESA: 240
ABARCA BARRIGA NATALIA JESSICA
ABARCA LAZO ALEJANDRA
ABARCA LAZO ALEXEI
ABUFHELE MILAD IGNACIA ANTONIA
ACEVEDO ACEVEDO CAMILO JAVIER
ENCINAS REYES SEBASTIAN IGNACIO
MESA: 241
ARCILA PEREIRA ADRIAN JAVIER
ARRIAGADA CONTRERAS TOBIAS NICOLAS
ARRIAGADA PARRA MARIA SOLEDAD
ASTUDILLO CARRIDO FABIAN PATRICIO
BERRIOS PARDO FABIOLA PIA
MESA: 242
BLASCO BRULLES JUAN JOSE
BUENO CARDENAS LESLIE DEL PILAR
BUSTAMANTE PEREZ VALENTINA DEL CARMEN
BUSTAMANTE SALGADO VANESSA PAZ
CARRANTTE DE LA FUENTE GINO ALEJANDRO
MESA: 243
CARRASCA SALGADO DAMARIS ALEJANDRA
CASTILLO GAJARDO PABLO IGNACIO
CHIAPPA GUERIN PIERINA
COREA ESCOBAR FRANCISCA FERNANDA
ENRIQUEZ GALLEGOS LUIS IVAN
MESA: 244
CRUZ FERNANDEZ JUAN MANUEL
DE FERARI CORREA FRANCISCO JOSE
DE GREGORIO CORTES NICOLAS
DE LA JARA CARDENAS MARIA SOLEDAD
ECHEVERRIA CIENFUEGOS LORETO DE LOS ANGELES
MESA: 245
ERRAZURIZ ARANEDA JAVIER IGNACIO
FLORES CRUCES ANA JOSEFA
GALLARDO SEPULVEDA DIEGO IVAN
GALLEGOS YAÑEZ DAVID EMMANUEL
GALLEGOS YAÑEZ FELIPE JAVIER
MESA: 246
GARCES VERA LESLIE MERCEDES
GARCIA URZUA LIZ MARIA DE LOS ANGELES
GONZALEZ SMITH RUBY LORENNA
GUAITERO PEROI ETTORE JOSE
GUERRA IRIARTE ALICIA BELEN
MESA: 247
EMRAZURIZ BAÑADOS MARIA FERNANDA
JARA JIMENEZ CAROLINA PAZ
JOFRE DONOSO BENITA EUGENIA
JULIA VALENZUELA MACARENA LUISA
LABARCA ABDALA DENISSE CAROL
MESA: 248
LOAIZA MALDONADO FERNANDA
LOPEZ MORENO RODOLFO ANTONIO
LOYOLA JIMENEZ FRANCISCO ANDRES ENRIQUE
MAULIK VALENZUELA CLAUDIA ANDREA
MARDONES QUINTEROS VICENTE ALEJANDRO
MESA: 249
ESCOBAR AHUMADA IGNACIO ALEJANDRO
MERY STECHER VALERIA CLAUDIA
MIRANDA ESPINOZA MARIA JESUS
MIRANDA MIRANDA HECTOR ORLANDO
MIRANDA MUÑOZ CAMILA ANTONIA
MESA: 250
NARBONA GONZALEZ JUAN ENRIQUE SEBASTIAN
NUÑEZ HENRIQUEZ KARINA SOLEDAD
NUÑEZ SANTIBAÑEZ VANESSA LUCIA
OBREQUE CAYUQUEO MONICA BEATRIZ
OLAVARRIA FICKA FLORENCIA PAZ
MESA: 251
OTAROLA BAIER SERGIO ANDRES
PAVEZ HERNANDEZ TAMARA ANDREA
PEREZ CACHIO FABIANA CATALINA LUKAVEN
PEREZ MARTINEZ FELIPE ANDRES
PEREZ ZUNIGA FELIPE IGNACIO JOAQUIN
MESA: 252
QUINTANILLA ALDAY RICARDO ANDRES
RANTAKYRO MORAGA JONAS TORD
RAVERA TOLOSA MACARENA PAZ
REHBEIN OJEDA KATHERIN JOHANNA
REYES ALFARO FRANCISCO JAVIER
MESA: 253
ROJAS MENDEZ JOSE MANUEL
ROSALES OLIVEROS MARIA PAZ BELEN
ROSAS BELLOM PEDRO PABLO
ROSAS HERRERA CESAR RODRIGO
RUBIO CONTRERAS ELISA BERNARDA
MESA: 254
SANTORO GONZALEZ FRANCISCO JAVIER
SASSI VERGARA LUCIA SANDRO
SEPULVEDA FUENTES LUISA CECILIA
SEPULVEDA GARAY IVONNE DE JESUS
SILVA ARAVENA MATIAS ALEJANDRO
MESA: 255
TIRADO JORQUERA CRISTIAN ANDRES
TOBAR GONZALEZ FELIPE ANDRES
TORO SALINAS FRANCISCA IGNACIA
ULLOA ESPINOSA VICTORIA ANDREA
ULLOA ROJAS MATIAS ERASMO
MESA: 256
VASQUEZ ALVIAL VERONICA DANIELA
VASQUEZ BURMESTER CORINE ANNE
VEGA CARRILLO CONSUELO FRANCISCA
VENEGAS DIAZ GABRIEL ANTONIO
VERA DIAZ MARCELA CLAUDIA
MESA: 257
VODANOVIC CONTRERAS BLANCA MARIA
WALTER PARDO FRANCISCA
YASIN ROMERO CAROLINA STEPHANIE
ZAMORANO BEIZA PAMELA DEL PILAR
ZAMORANO JONES FRANCISCO VICENTE ANTONIO
